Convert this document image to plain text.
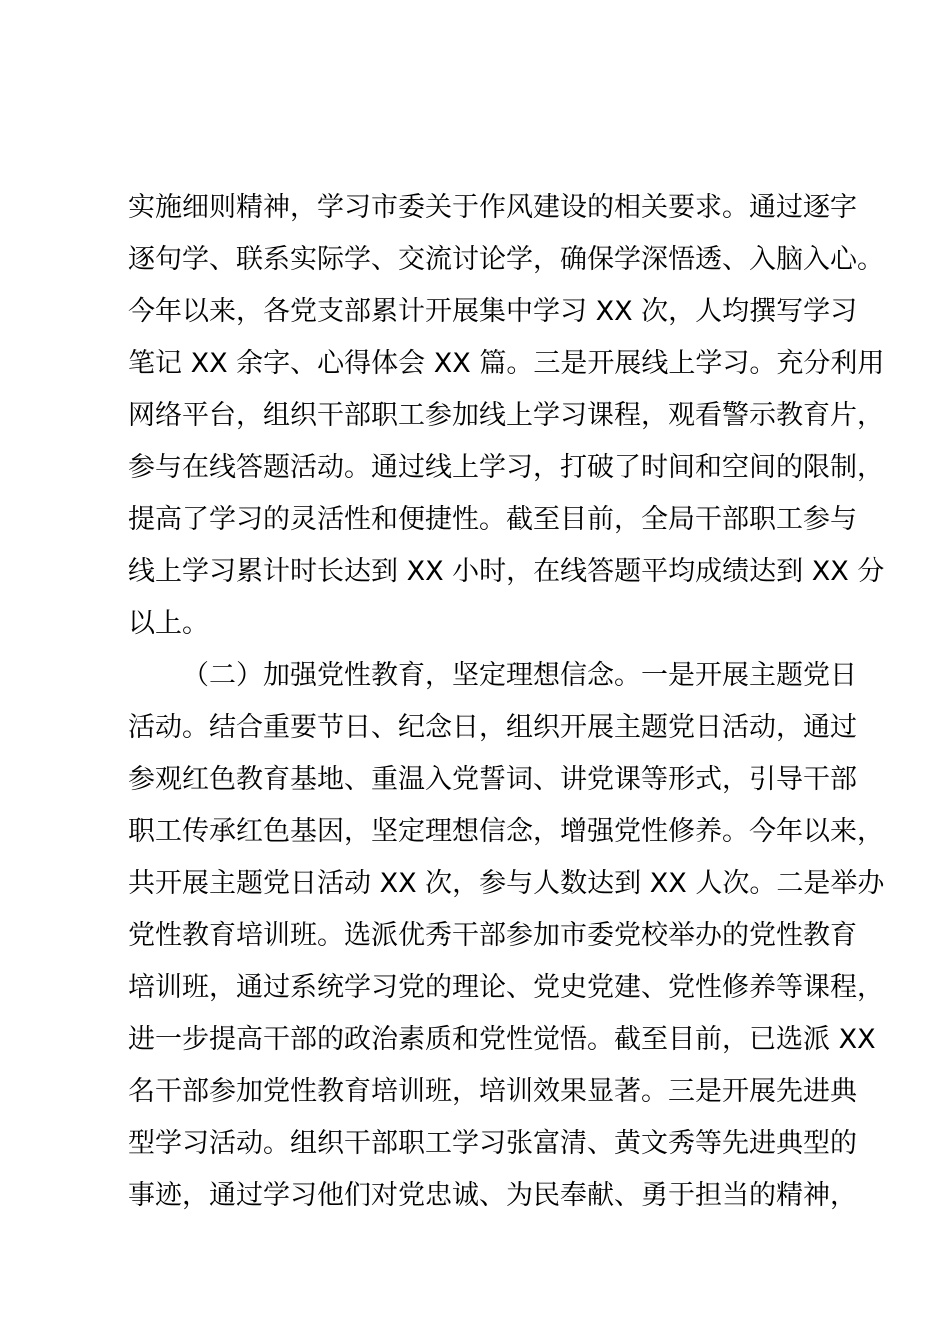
实施细则精神，学习市委关于作风建设的相关要求。通过逐字
逐句学、联系实际学、交流讨论学，确保学深悟透、入脑入心。
今年以来，各党支部累计开展集中学习 XX 次，人均撰写学习
笔记 XX 余字、心得体会 XX 篇。三是开展线上学习。充分利用
网络平台，组织干部职工参加线上学习课程，观看警示教育片，
参与在线答题活动。通过线上学习，打破了时间和空间的限制，
提高了学习的灵活性和便捷性。截至目前，全局干部职工参与
线上学习累计时长达到 XX 小时，在线答题平均成绩达到 XX 分
以上。
（二）加强党性教育，坚定理想信念。一是开展主题党日
活动。结合重要节日、纪念日，组织开展主题党日活动，通过
参观红色教育基地、重温入党誓词、讲党课等形式，引导干部
职工传承红色基因，坚定理想信念，增强党性修养。今年以来，
共开展主题党日活动 XX 次，参与人数达到 XX 人次。二是举办
党性教育培训班。选派优秀干部参加市委党校举办的党性教育
培训班，通过系统学习党的理论、党史党建、党性修养等课程，
进一步提高干部的政治素质和党性觉悟。截至目前，已选派 XX
名干部参加党性教育培训班，培训效果显著。三是开展先进典
型学习活动。组织干部职工学习张富清、黄文秀等先进典型的
事迹，通过学习他们对党忠诚、为民奉献、勇于担当的精神，
